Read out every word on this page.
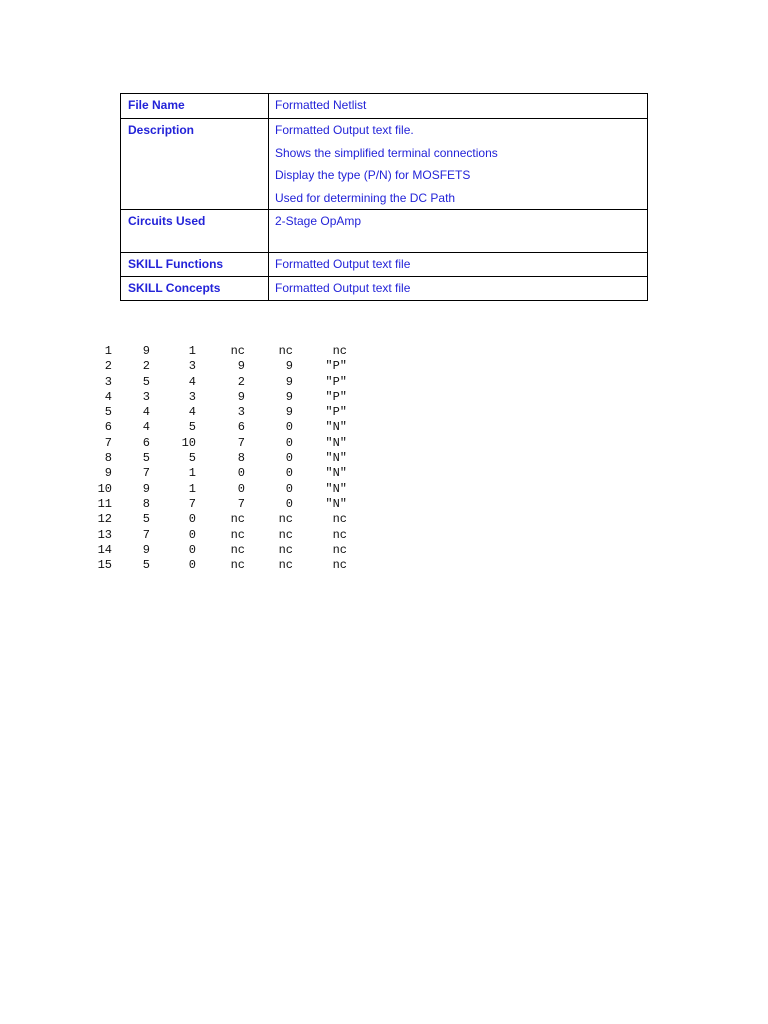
File Name	Formatted Netlist
Description	Formatted Output text file.
Shows the simplified terminal connections
Display the type (P/N) for MOSFETS
Used for determining the DC Path

Circuits Used	2-Stage OpAmp
SKILL Functions	Formatted Output text file
SKILL Concepts	Formatted Output text file
1	9	1	nc	nc	nc
2	2	3	9	9	"P"
3	5	4	2	9	"P"
4	3	3	9	9	"P"
5	4	4	3	9	"P"
6	4	5	6	0	"N"
7	6	10	7	0	"N"
8	5	5	8	0	"N"
9	7	1	0	0	"N"
10	9	1	0	0	"N"
11	8	7	7	0	"N"
12	5	0	nc	nc	nc
13	7	0	nc	nc	nc
14	9	0	nc	nc	nc
15	5	0	nc	nc	nc
